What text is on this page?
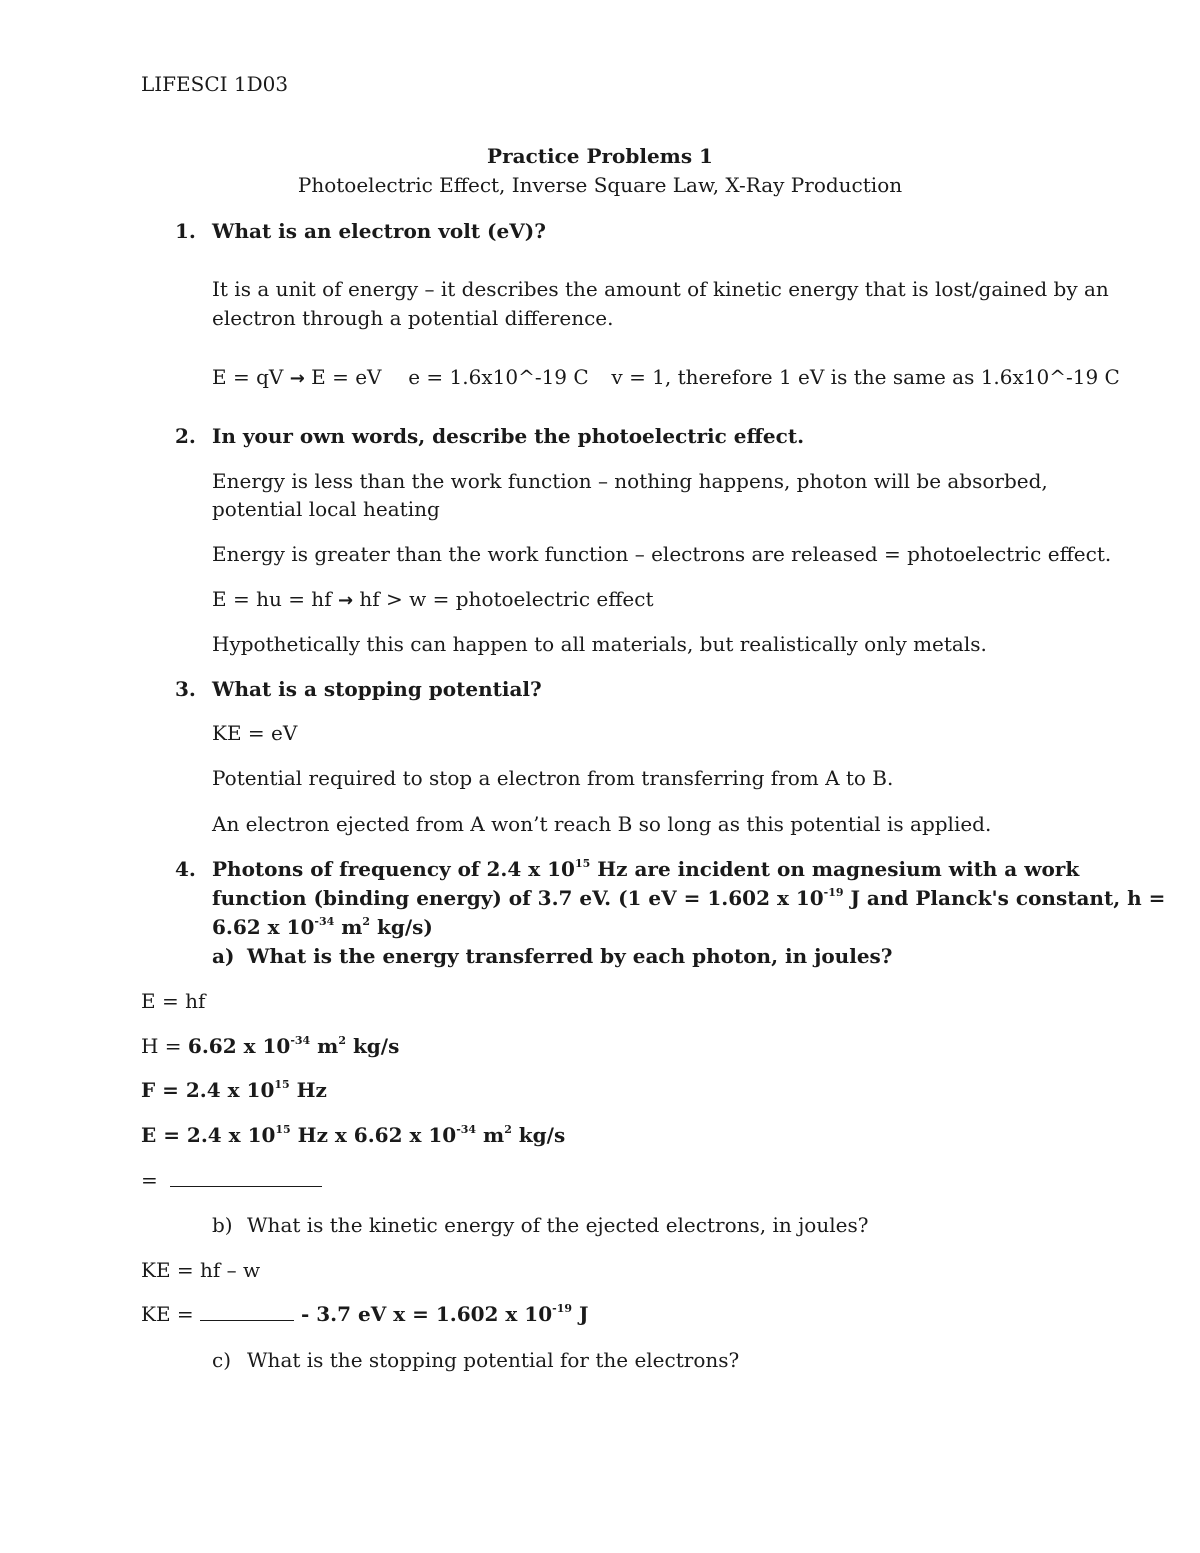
LIFESCI 1D03
Practice Problems 1
Photoelectric Effect, Inverse Square Law, X-Ray Production
1. What is an electron volt (eV)?
It is a unit of energy – it describes the amount of kinetic energy that is lost/gained by an
electron through a potential difference.
E = qV → E = eV e = 1.6x10^-19 C v = 1, therefore 1 eV is the same as 1.6x10^-19 C
2. In your own words, describe the photoelectric effect.
Energy is less than the work function – nothing happens, photon will be absorbed,
potential local heating
Energy is greater than the work function – electrons are released = photoelectric effect.
E = hu = hf → hf > w = photoelectric effect
Hypothetically this can happen to all materials, but realistically only metals.
3. What is a stopping potential?
KE = eV
Potential required to stop a electron from transferring from A to B.
An electron ejected from A won’t reach B so long as this potential is applied.
4. Photons of frequency of 2.4 x $10^{15}$ Hz are incident on magnesium with a work
function (binding energy) of 3.7 eV. (1 eV = 1.602 x $10^{-19}$ J and Planck's constant, h =
6.62 x $10^{-34}$ $m^2$ kg/s)
a) What is the energy transferred by each photon, in joules?
E = hf
H = 6.62 x $10^{-34}$ $m^2$ kg/s
F = 2.4 x $10^{15}$ Hz
E = 2.4 x $10^{15}$ Hz x 6.62 x $10^{-34}$ $m^2$ kg/s
=
b) What is the kinetic energy of the ejected electrons, in joules?
KE = hf – w
KE =	- 3.7 eV x = 1.602 x $10^{-19}$ J
c) What is the stopping potential for the electrons?
